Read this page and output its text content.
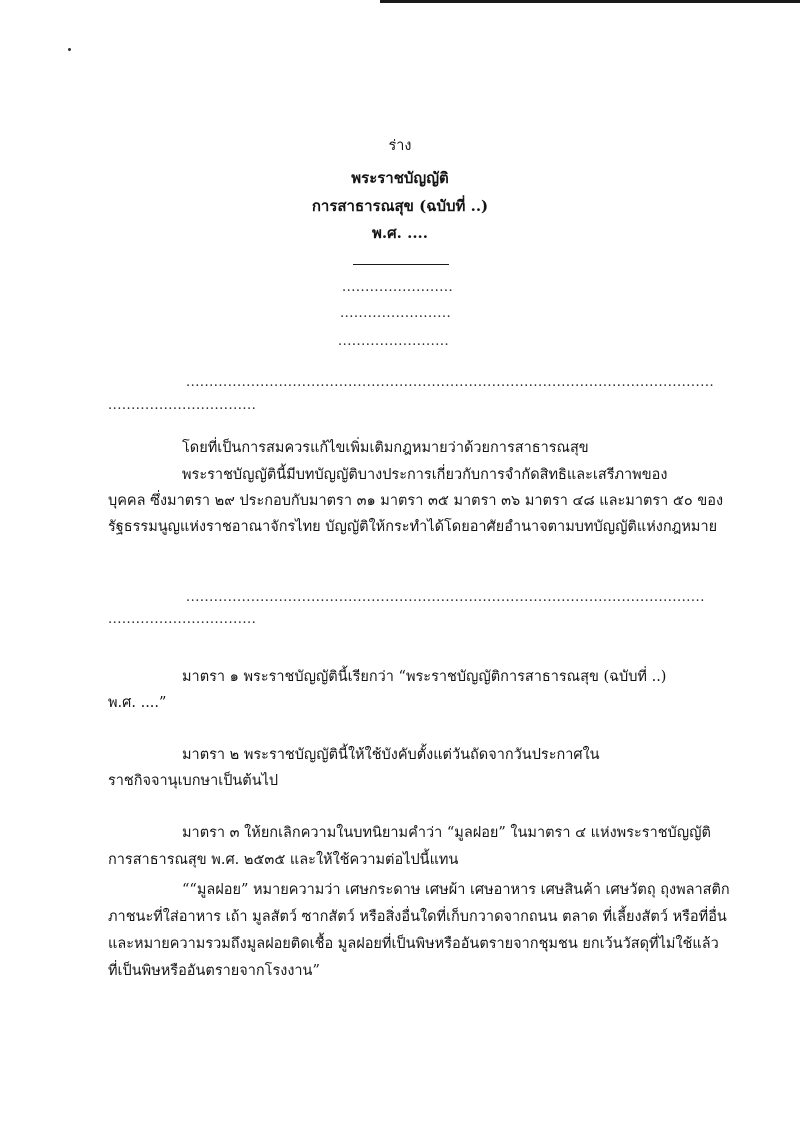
ร่าง
พระราชบัญญัติ
การสาธารณสุข (ฉบับที่ ..)
พ.ศ. ....
........................
........................
........................
..................................................................................................................
................................
โดยที่เป็นการสมควรแก้ไขเพิ่มเติมกฎหมายว่าด้วยการสาธารณสุข
พระราชบัญญัตินี้มีบทบัญญัติบางประการเกี่ยวกับการจำกัดสิทธิและเสรีภาพของ
บุคคล ซึ่งมาตรา ๒๙ ประกอบกับมาตรา ๓๑ มาตรา ๓๕ มาตรา ๓๖ มาตรา ๔๘ และมาตรา ๕๐ ของ
รัฐธรรมนูญแห่งราชอาณาจักรไทย บัญญัติให้กระทำได้โดยอาศัยอำนาจตามบทบัญญัติแห่งกฎหมาย
................................................................................................................
................................
มาตรา ๑ พระราชบัญญัตินี้เรียกว่า “พระราชบัญญัติการสาธารณสุข (ฉบับที่ ..)
พ.ศ. ....”
มาตรา ๒ พระราชบัญญัตินี้ให้ใช้บังคับตั้งแต่วันถัดจากวันประกาศใน
ราชกิจจานุเบกษาเป็นต้นไป
มาตรา ๓ ให้ยกเลิกความในบทนิยามคำว่า “มูลฝอย” ในมาตรา ๔ แห่งพระราชบัญญัติ
การสาธารณสุข พ.ศ. ๒๕๓๕ และให้ใช้ความต่อไปนี้แทน
““มูลฝอย” หมายความว่า เศษกระดาษ เศษผ้า เศษอาหาร เศษสินค้า เศษวัตถุ ถุงพลาสติก
ภาชนะที่ใส่อาหาร เถ้า มูลสัตว์ ซากสัตว์ หรือสิ่งอื่นใดที่เก็บกวาดจากถนน ตลาด ที่เลี้ยงสัตว์ หรือที่อื่น
และหมายความรวมถึงมูลฝอยติดเชื้อ มูลฝอยที่เป็นพิษหรืออันตรายจากชุมชน ยกเว้นวัสดุที่ไม่ใช้แล้ว
ที่เป็นพิษหรืออันตรายจากโรงงาน”
